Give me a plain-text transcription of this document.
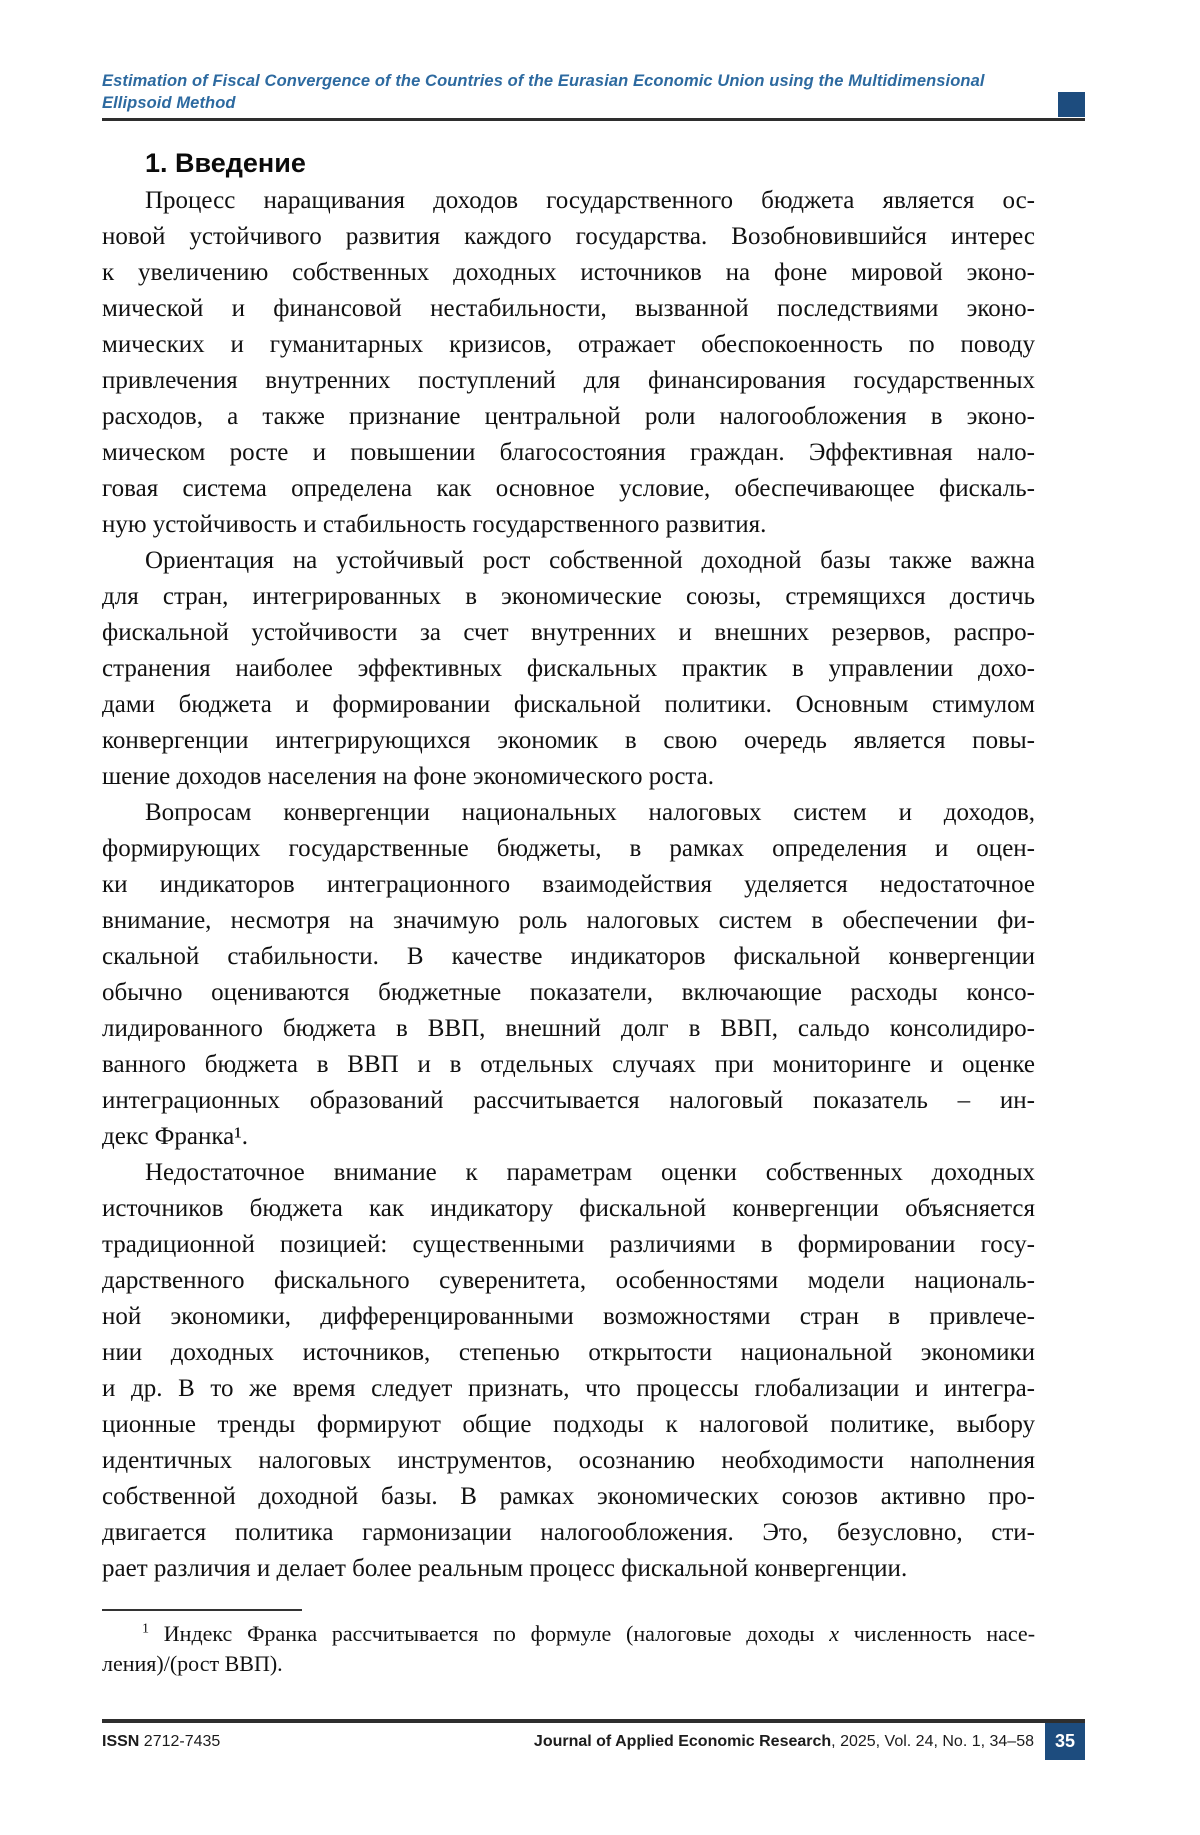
Estimation of Fiscal Convergence of the Countries of the Eurasian Economic Union using the Multidimensional Ellipsoid Method
1. Введение
Процесс наращивания доходов государственного бюджета является ос-
новой устойчивого развития каждого государства. Возобновившийся интерес
к увеличению собственных доходных источников на фоне мировой эконо-
мической и финансовой нестабильности, вызванной последствиями эконо-
мических и гуманитарных кризисов, отражает обеспокоенность по поводу
привлечения внутренних поступлений для финансирования государственных
расходов, а также признание центральной роли налогообложения в эконо-
мическом росте и повышении благосостояния граждан. Эффективная нало-
говая система определена как основное условие, обеспечивающее фискаль-
ную устойчивость и стабильность государственного развития.
Ориентация на устойчивый рост собственной доходной базы также важна
для стран, интегрированных в экономические союзы, стремящихся достичь
фискальной устойчивости за счет внутренних и внешних резервов, распро-
странения наиболее эффективных фискальных практик в управлении дохо-
дами бюджета и формировании фискальной политики. Основным стимулом
конвергенции интегрирующихся экономик в свою очередь является повы-
шение доходов населения на фоне экономического роста.
Вопросам конвергенции национальных налоговых систем и доходов,
формирующих государственные бюджеты, в рамках определения и оцен-
ки индикаторов интеграционного взаимодействия уделяется недостаточное
внимание, несмотря на значимую роль налоговых систем в обеспечении фи-
скальной стабильности. В качестве индикаторов фискальной конвергенции
обычно оцениваются бюджетные показатели, включающие расходы консо-
лидированного бюджета в ВВП, внешний долг в ВВП, сальдо консолидиро-
ванного бюджета в ВВП и в отдельных случаях при мониторинге и оценке
интеграционных образований рассчитывается налоговый показатель – ин-
декс Франка¹.
Недостаточное внимание к параметрам оценки собственных доходных
источников бюджета как индикатору фискальной конвергенции объясняется
традиционной позицией: существенными различиями в формировании госу-
дарственного фискального суверенитета, особенностями модели националь-
ной экономики, дифференцированными возможностями стран в привлече-
нии доходных источников, степенью открытости национальной экономики
и др. В то же время следует признать, что процессы глобализации и интегра-
ционные тренды формируют общие подходы к налоговой политике, выбору
идентичных налоговых инструментов, осознанию необходимости наполнения
собственной доходной базы. В рамках экономических союзов активно про-
двигается политика гармонизации налогообложения. Это, безусловно, сти-
рает различия и делает более реальным процесс фискальной конвергенции.
$^1$ Индекс Франка рассчитывается по формуле (налоговые доходы x численность насе-
ления)/(рост ВВП).
ISSN 2712-7435	Journal of Applied Economic Research, 2025, Vol. 24, No. 1, 34–58 35
